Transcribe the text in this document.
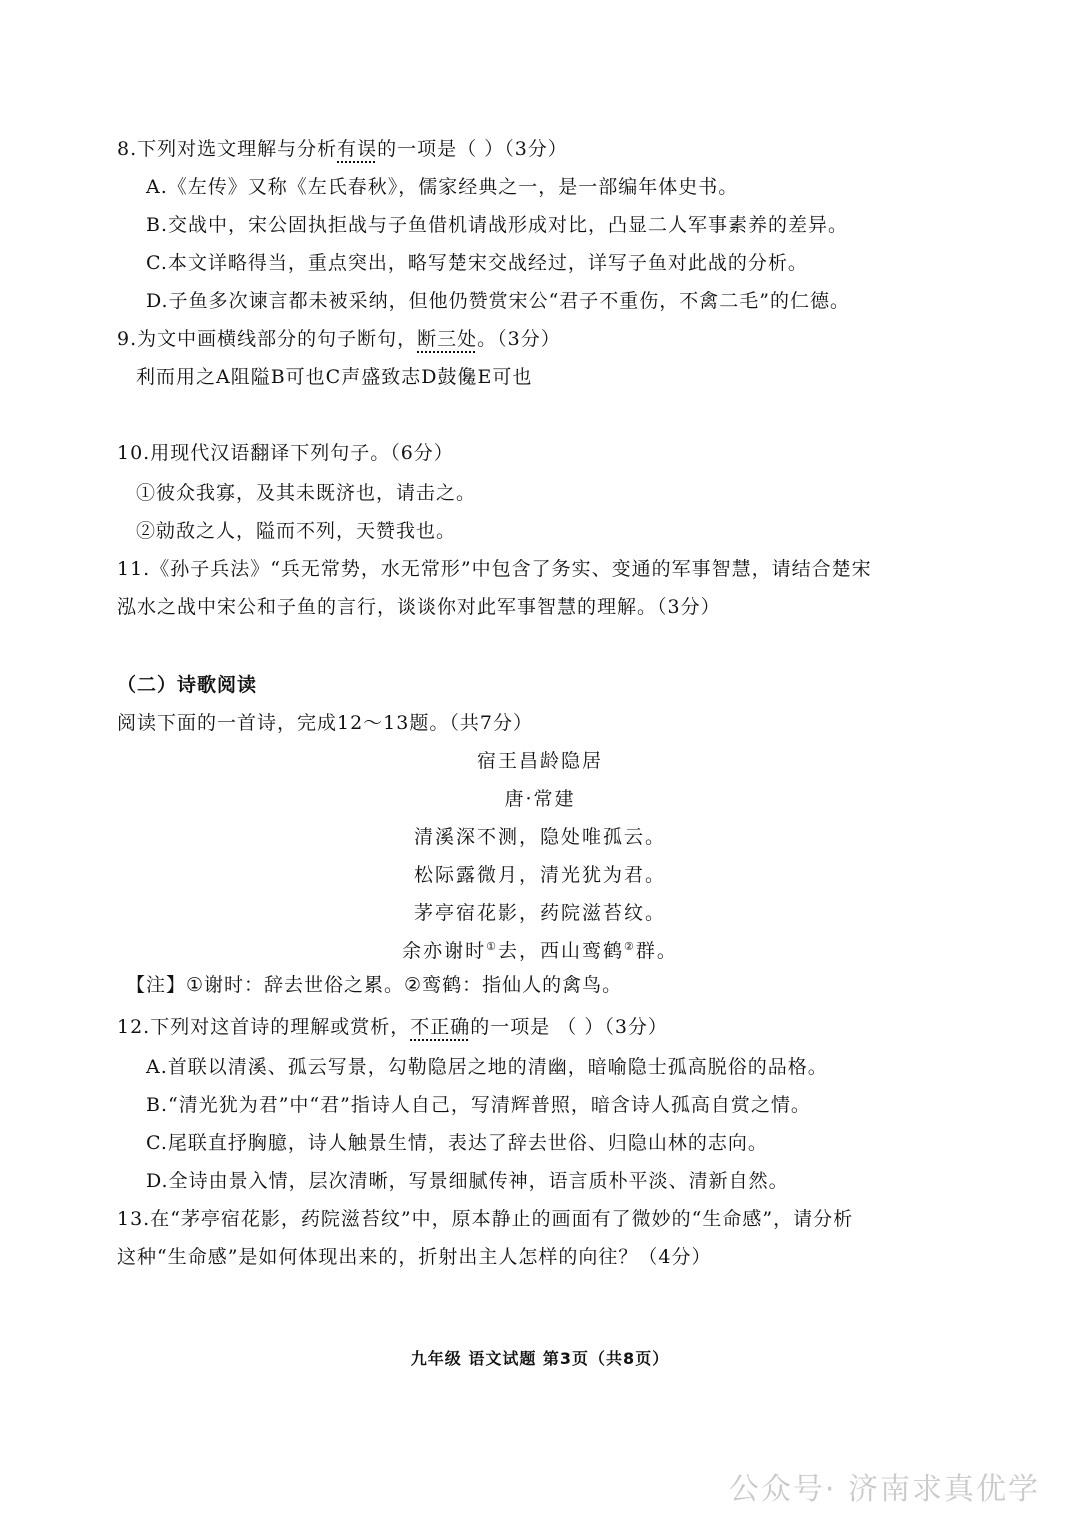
8.下列对选文理解与分析有误的一项是（ ）（3分）
A.《左传》又称《左氏春秋》，儒家经典之一，是一部编年体史书。
B.交战中，宋公固执拒战与子鱼借机请战形成对比，凸显二人军事素养的差异。
C.本文详略得当，重点突出，略写楚宋交战经过，详写子鱼对此战的分析。
D.子鱼多次谏言都未被采纳，但他仍赞赏宋公“君子不重伤，不禽二毛”的仁德。
9.为文中画横线部分的句子断句，断三处。（3分）
利而用之A阻隘B可也C声盛致志D鼓儳E可也
10.用现代汉语翻译下列句子。（6分）
①彼众我寡，及其未既济也，请击之。
②勍敌之人，隘而不列，天赞我也。
11.《孙子兵法》“兵无常势，水无常形”中包含了务实、变通的军事智慧，请结合楚宋
泓水之战中宋公和子鱼的言行，谈谈你对此军事智慧的理解。（3分）
（二）诗歌阅读
阅读下面的一首诗，完成12～13题。（共7分）
宿王昌龄隐居
唐·常建
清溪深不测，隐处唯孤云。
松际露微月，清光犹为君。
茅亭宿花影，药院滋苔纹。
余亦谢时①去，西山鸾鹤②群。
【注】①谢时：辞去世俗之累。②鸾鹤：指仙人的禽鸟。
12.下列对这首诗的理解或赏析，不正确的一项是 （ ）（3分）
A.首联以清溪、孤云写景，勾勒隐居之地的清幽，暗喻隐士孤高脱俗的品格。
B.“清光犹为君”中“君”指诗人自己，写清辉普照，暗含诗人孤高自赏之情。
C.尾联直抒胸臆，诗人触景生情，表达了辞去世俗、归隐山林的志向。
D.全诗由景入情，层次清晰，写景细腻传神，语言质朴平淡、清新自然。
13.在“茅亭宿花影，药院滋苔纹”中，原本静止的画面有了微妙的“生命感”，请分析
这种“生命感”是如何体现出来的，折射出主人怎样的向往？（4分）
九年级 语文试题 第3页（共8页）
公众号· 济南求真优学
